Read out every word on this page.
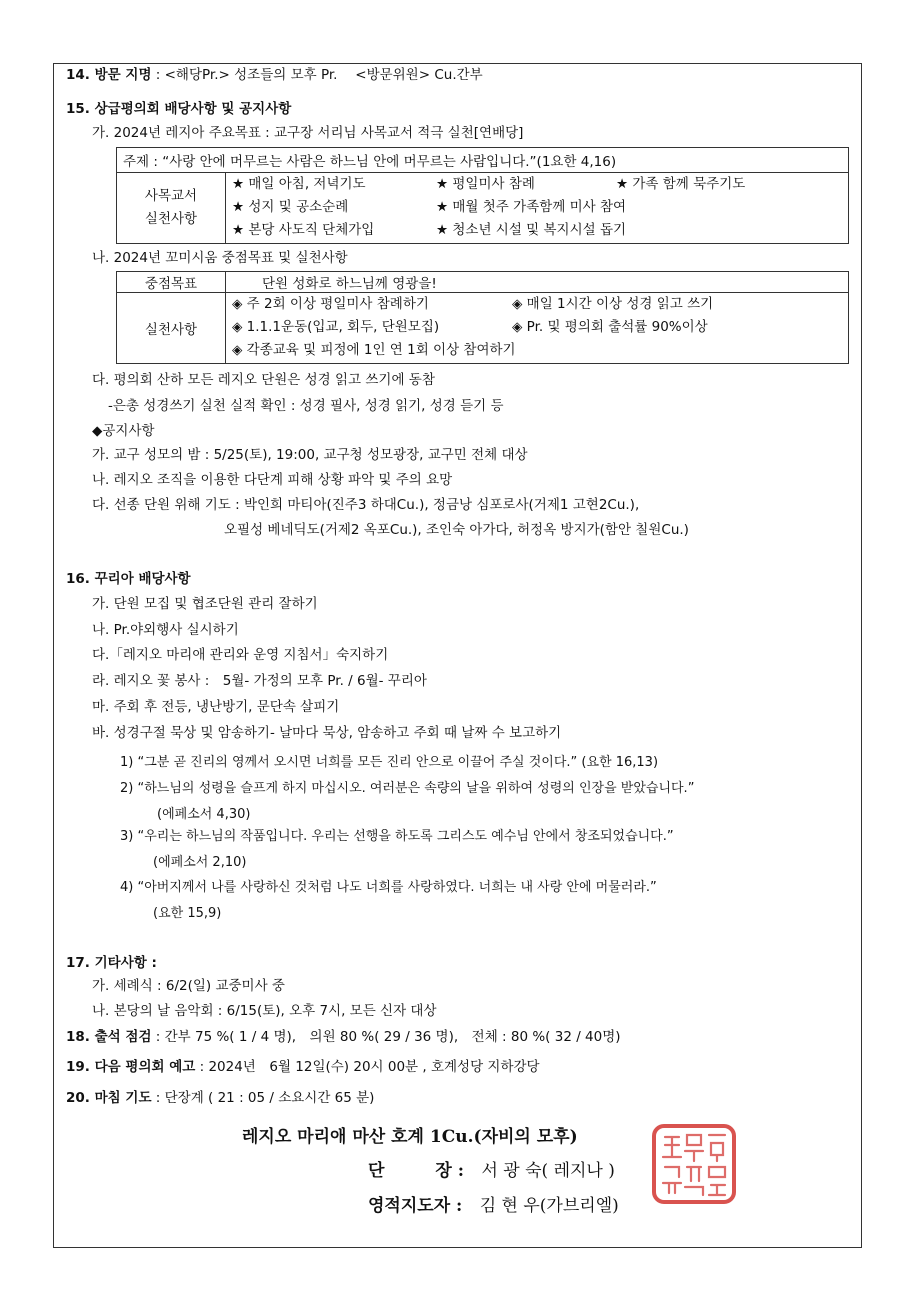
14. 방문 지명 : <해당Pr.> 성조들의 모후 Pr.　 <방문위원> Cu.간부
15. 상급평의회 배당사항 및 공지사항
가. 2024년 레지아 주요목표 : 교구장 서리님 사목교서 적극 실천[연배당]
주제 : “사랑 안에 머무르는 사람은 하느님 안에 머무르는 사람입니다.”(1요한 4,16)

사목교서
실천사항

★ 매일 아침, 저녁기도	★ 평일미사 참례	★ 가족 함께 묵주기도
★ 성지 및 공소순례	★ 매월 첫주 가족함께 미사 참여
★ 본당 사도직 단체가입	★ 청소년 시설 및 복지시설 돕기
나. 2024년 꼬미시움 중점목표 및 실천사항
중점목표	단원 성화로 하느님께 영광을!
실천사항	◈ 주 2회 이상 평일미사 참례하기 ◈ 매일 1시간 이상 성경 읽고 쓰기
◈ 1.1.1운동(입교, 회두, 단원모집) ◈ Pr. 및 평의회 출석률 90%이상
◈ 각종교육 및 피정에 1인 연 1회 이상 참여하기
다. 평의회 산하 모든 레지오 단원은 성경 읽고 쓰기에 동참
-은총 성경쓰기 실천 실적 확인 : 성경 필사, 성경 읽기, 성경 듣기 등
◆공지사항
가. 교구 성모의 밤 : 5/25(토), 19:00, 교구청 성모광장, 교구민 전체 대상
나. 레지오 조직을 이용한 다단계 피해 상황 파악 및 주의 요망
다. 선종 단원 위해 기도 : 박인희 마티아(진주3 하대Cu.), 정금낭 심포로사(거제1 고현2Cu.),
오필성 베네딕도(거제2 옥포Cu.), 조인숙 아가다, 허정옥 방지가(함안 칠원Cu.)
16. 꾸리아 배당사항
가. 단원 모집 및 협조단원 관리 잘하기
나. Pr.야외행사 실시하기
다.「레지오 마리애 관리와 운영 지침서」숙지하기
라. 레지오 꽃 봉사 :　5월- 가정의 모후 Pr. / 6월- 꾸리아
마. 주회 후 전등, 냉난방기, 문단속 살피기
바. 성경구절 묵상 및 암송하기- 날마다 묵상, 암송하고 주회 때 날짜 수 보고하기
1) “그분 곧 진리의 영께서 오시면 너희를 모든 진리 안으로 이끌어 주실 것이다.” (요한 16,13)
2) “하느님의 성령을 슬프게 하지 마십시오. 여러분은 속량의 날을 위하여 성령의 인장을 받았습니다.”
(에페소서 4,30)
3) “우리는 하느님의 작품입니다. 우리는 선행을 하도록 그리스도 예수님 안에서 창조되었습니다.”
(에페소서 2,10)
4) “아버지께서 나를 사랑하신 것처럼 나도 너희를 사랑하였다. 너희는 내 사랑 안에 머물러라.”
(요한 15,9)
17. 기타사항 :
가. 세례식 : 6/2(일) 교중미사 중
나. 본당의 날 음악회 : 6/15(토), 오후 7시, 모든 신자 대상
18. 출석 점검 : 간부 75 %( 1 / 4 명),　의원 80 %( 29 / 36 명),　전체 : 80 %( 32 / 40명)
19. 다음 평의회 예고 : 2024년　6월 12일(수) 20시 00분 , 호계성당 지하강당
20. 마침 기도 : 단장계 ( 21 : 05 / 소요시간 65 분)
레지오 마리애 마산 호계 1Cu.(자비의 모후)
단　　　장 : 서 광 숙( 레지나 )
영적지도자 : 김 현 우(가브리엘)
